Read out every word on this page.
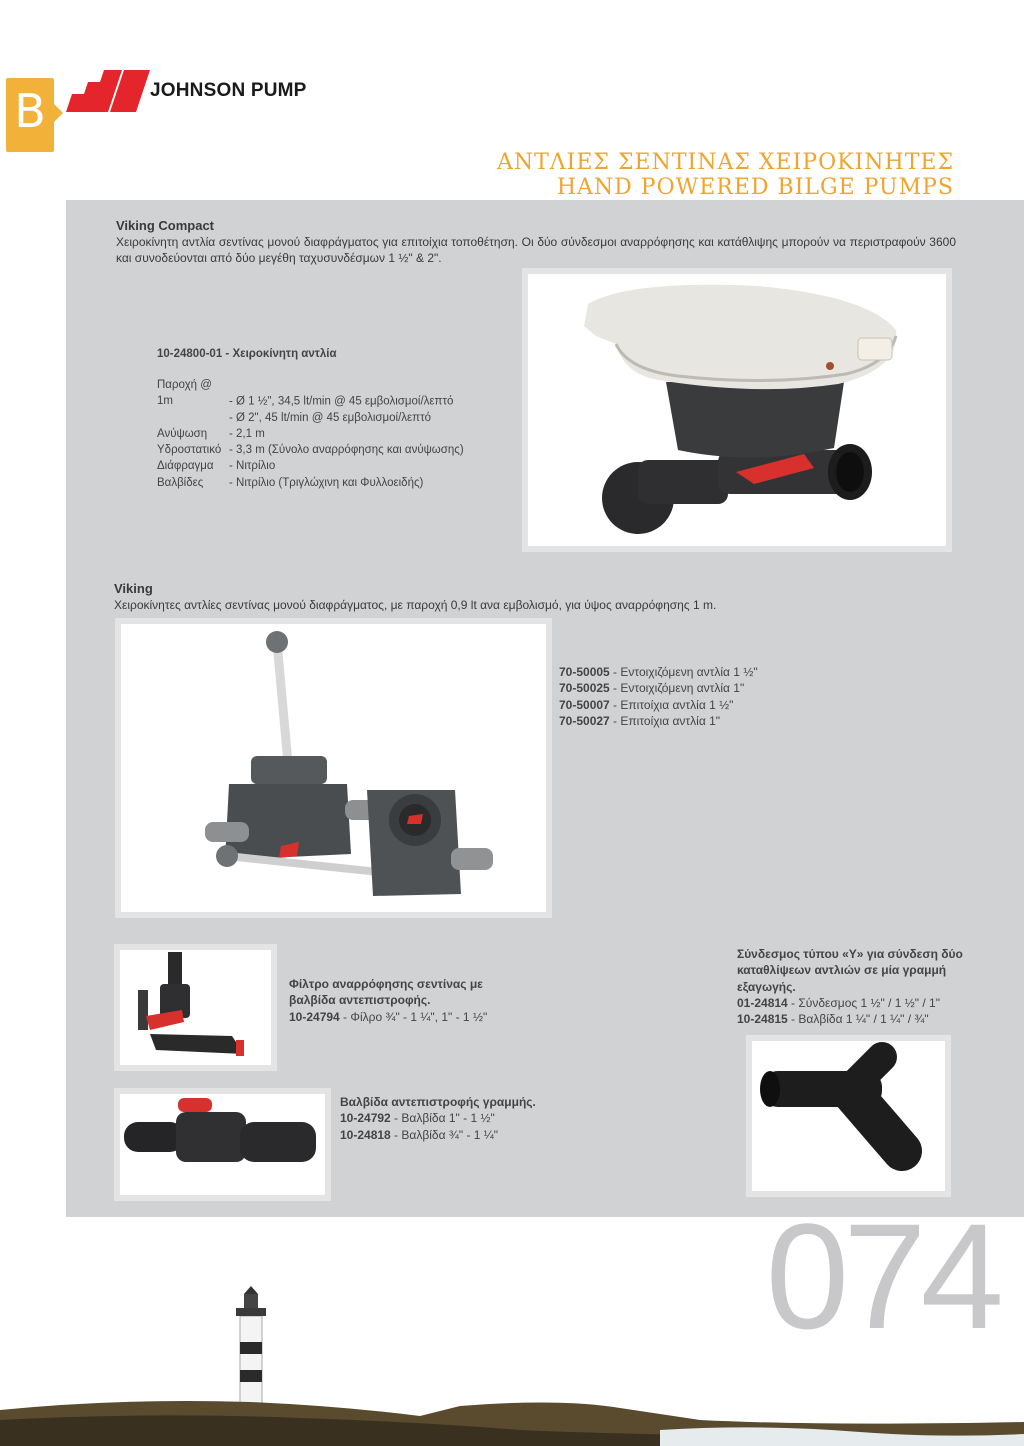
B	JOHNSON PUMP
ΑΝΤΛΙΕΣ ΣΕΝΤΙΝΑΣ ΧΕΙΡΟΚΙΝΗΤΕΣ
HAND POWERED BILGE PUMPS
Viking Compact
Χειροκίνητη αντλία σεντίνας μονού διαφράγματος για επιτοίχια τοποθέτηση. Οι δύο σύνδεσμοι αναρρόφησης και κατάθλιψης μπορούν να περιστραφούν 3600 και συνοδεύονται από δύο μεγέθη ταχυσυνδέσμων 1 ½" & 2".
10-24800-01 - Χειροκίνητη αντλία
Παροχή @ 1m	- Ø 1 ½", 34,5 lt/min @ 45 εμβολισμοί/λεπτό
- Ø 2", 45 lt/min @ 45 εμβολισμοί/λεπτό
Ανύψωση - 2,1 m
Υδροστατικό - 3,3 m (Σύνολο αναρρόφησης και ανύψωσης)
Διάφραγμα - Νιτρίλιο
Βαλβίδες - Νιτρίλιο (Τριγλώχινη και Φυλλοειδής)
Viking
Χειροκίνητες αντλίες σεντίνας μονού διαφράγματος, με παροχή 0,9 lt ανα εμβολισμό, για ύψος αναρρόφησης 1 m.
70-50005 - Εντοιχιζόμενη αντλία 1 ½"
70-50025 - Εντοιχιζόμενη αντλία 1"
70-50007 - Επιτοίχια αντλία 1 ½"
70-50027 - Επιτοίχια αντλία 1"
Φίλτρο αναρρόφησης σεντίνας με
βαλβίδα αντεπιστροφής.
10-24794 - Φίλρο ¾" - 1 ¼", 1" - 1 ½"
Βαλβίδα αντεπιστροφής γραμμής.
10-24792 - Βαλβίδα 1" - 1 ½"
10-24818 - Βαλβίδα ¾" - 1 ¼"
Σύνδεσμος τύπου «Y» για σύνδεση δύο
καταθλίψεων αντλιών σε μία γραμμή
εξαγωγής.
01-24814 - Σύνδεσμος 1 ½" / 1 ½" / 1"
10-24815 - Βαλβίδα 1 ¼" / 1 ¼" / ¾"
074
